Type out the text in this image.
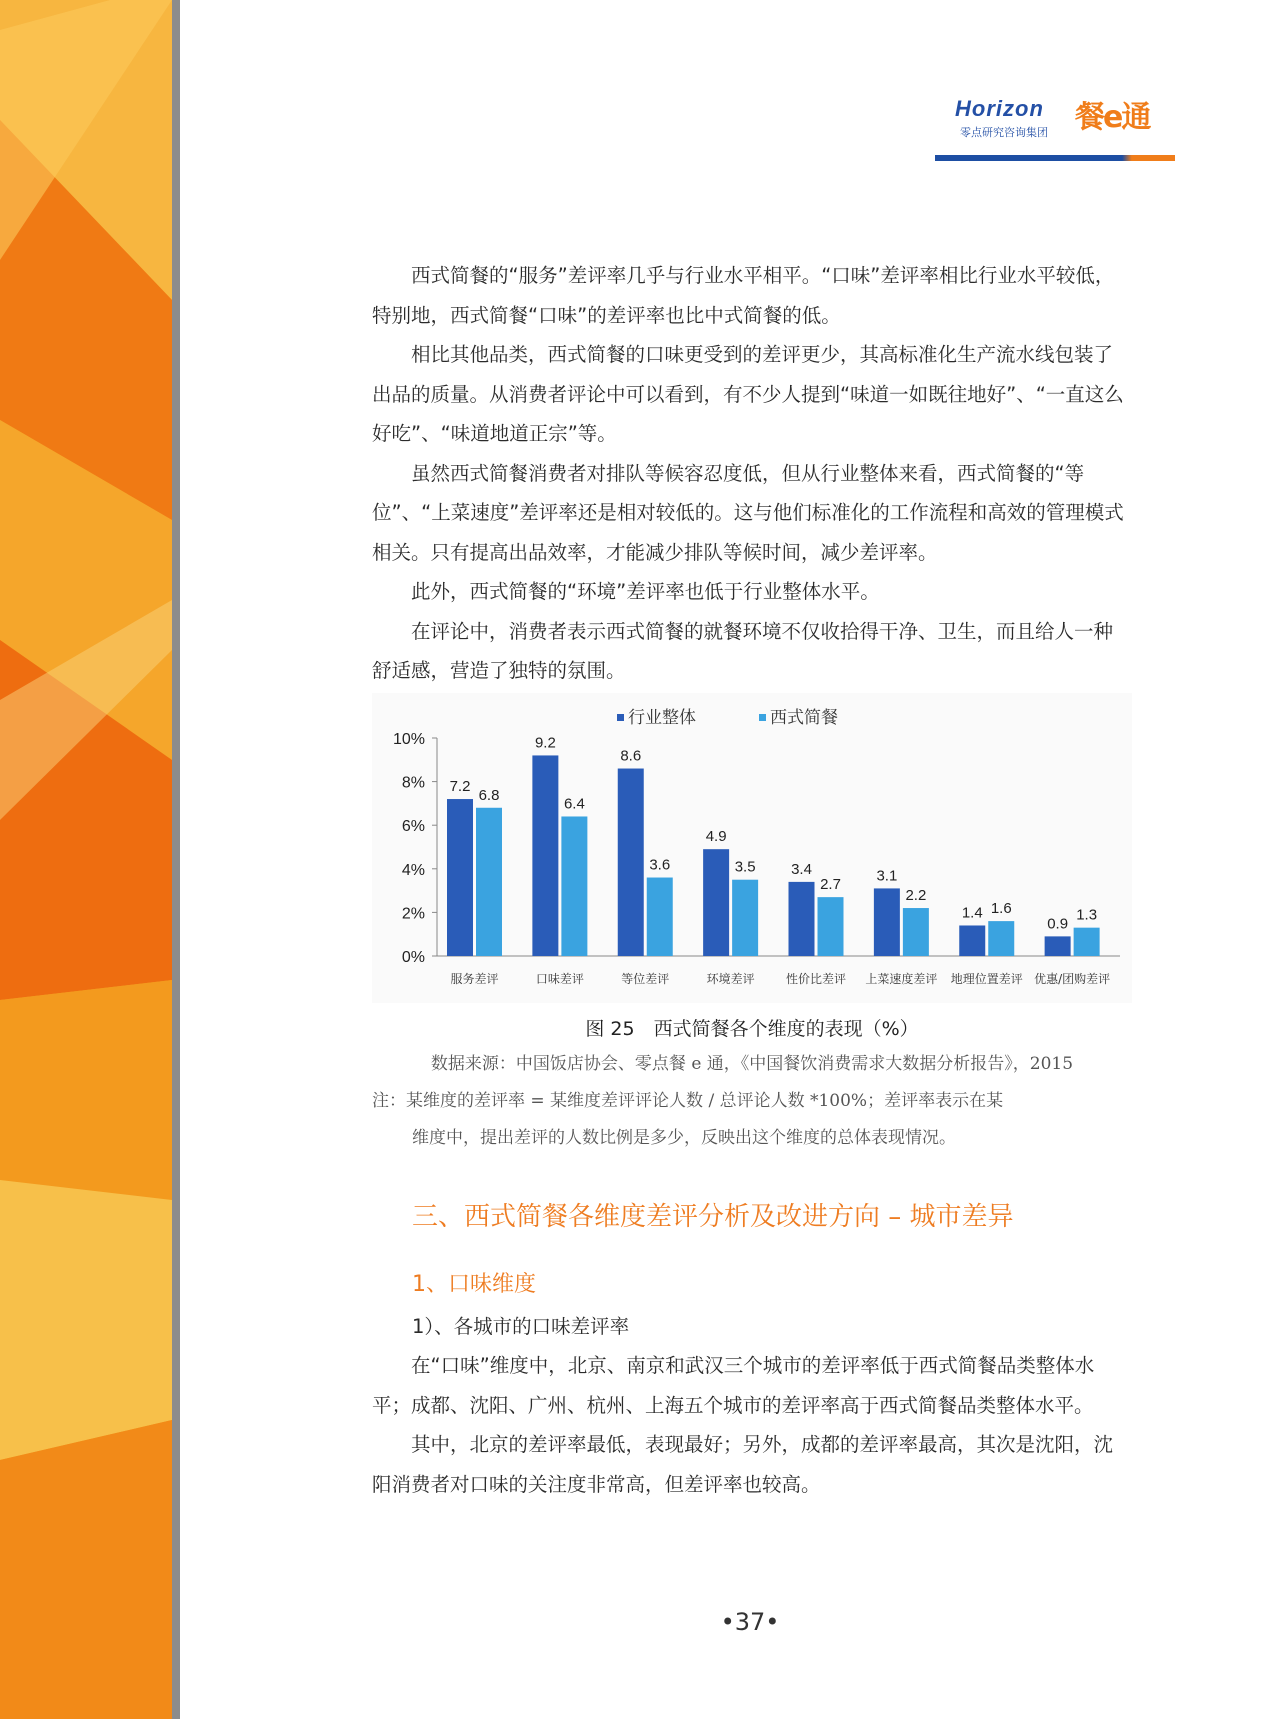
Horizon
零点研究咨询集团 餐e通

西式简餐的“服务”差评率几乎与行业水平相平。“口味”差评率相比行业水平较低，特别地，西式简餐“口味”的差评率也比中式简餐的低。

相比其他品类，西式简餐的口味更受到的差评更少，其高标准化生产流水线包装了出品的质量。从消费者评论中可以看到，有不少人提到“味道一如既往地好”、“一直这么好吃”、“味道地道正宗”等。

虽然西式简餐消费者对排队等候容忍度低，但从行业整体来看，西式简餐的“等位”、“上菜速度”差评率还是相对较低的。这与他们标准化的工作流程和高效的管理模式相关。只有提高出品效率，才能减少排队等候时间，减少差评率。

此外，西式简餐的“环境”差评率也低于行业整体水平。

在评论中，消费者表示西式简餐的就餐环境不仅收拾得干净、卫生，而且给人一种舒适感，营造了独特的氛围。

0%
2%
4%
6%
8%
10%
行业整体	西式简餐
7.2
6.8
服务差评
9.2
6.4
口味差评
8.6
3.6
等位差评
4.9
3.5
环境差评
3.4
2.7
性价比差评
3.1
2.2
上菜速度差评
1.4 1.6
地理位置差评
0.9
1.3
优惠/团购差评
图 25　西式简餐各个维度的表现（%）
数据来源：中国饭店协会、零点餐 e 通，《中国餐饮消费需求大数据分析报告》，2015
注：某维度的差评率 = 某维度差评评论人数 / 总评论人数 *100%；差评率表示在某
维度中，提出差评的人数比例是多少，反映出这个维度的总体表现情况。
三、西式简餐各维度差评分析及改进方向 – 城市差异
1、口味维度
1）、各城市的口味差评率

在“口味”维度中，北京、南京和武汉三个城市的差评率低于西式简餐品类整体水平；成都、沈阳、广州、杭州、上海五个城市的差评率高于西式简餐品类整体水平。

其中，北京的差评率最低，表现最好；另外，成都的差评率最高，其次是沈阳，沈阳消费者对口味的关注度非常高，但差评率也较高。

•37•
